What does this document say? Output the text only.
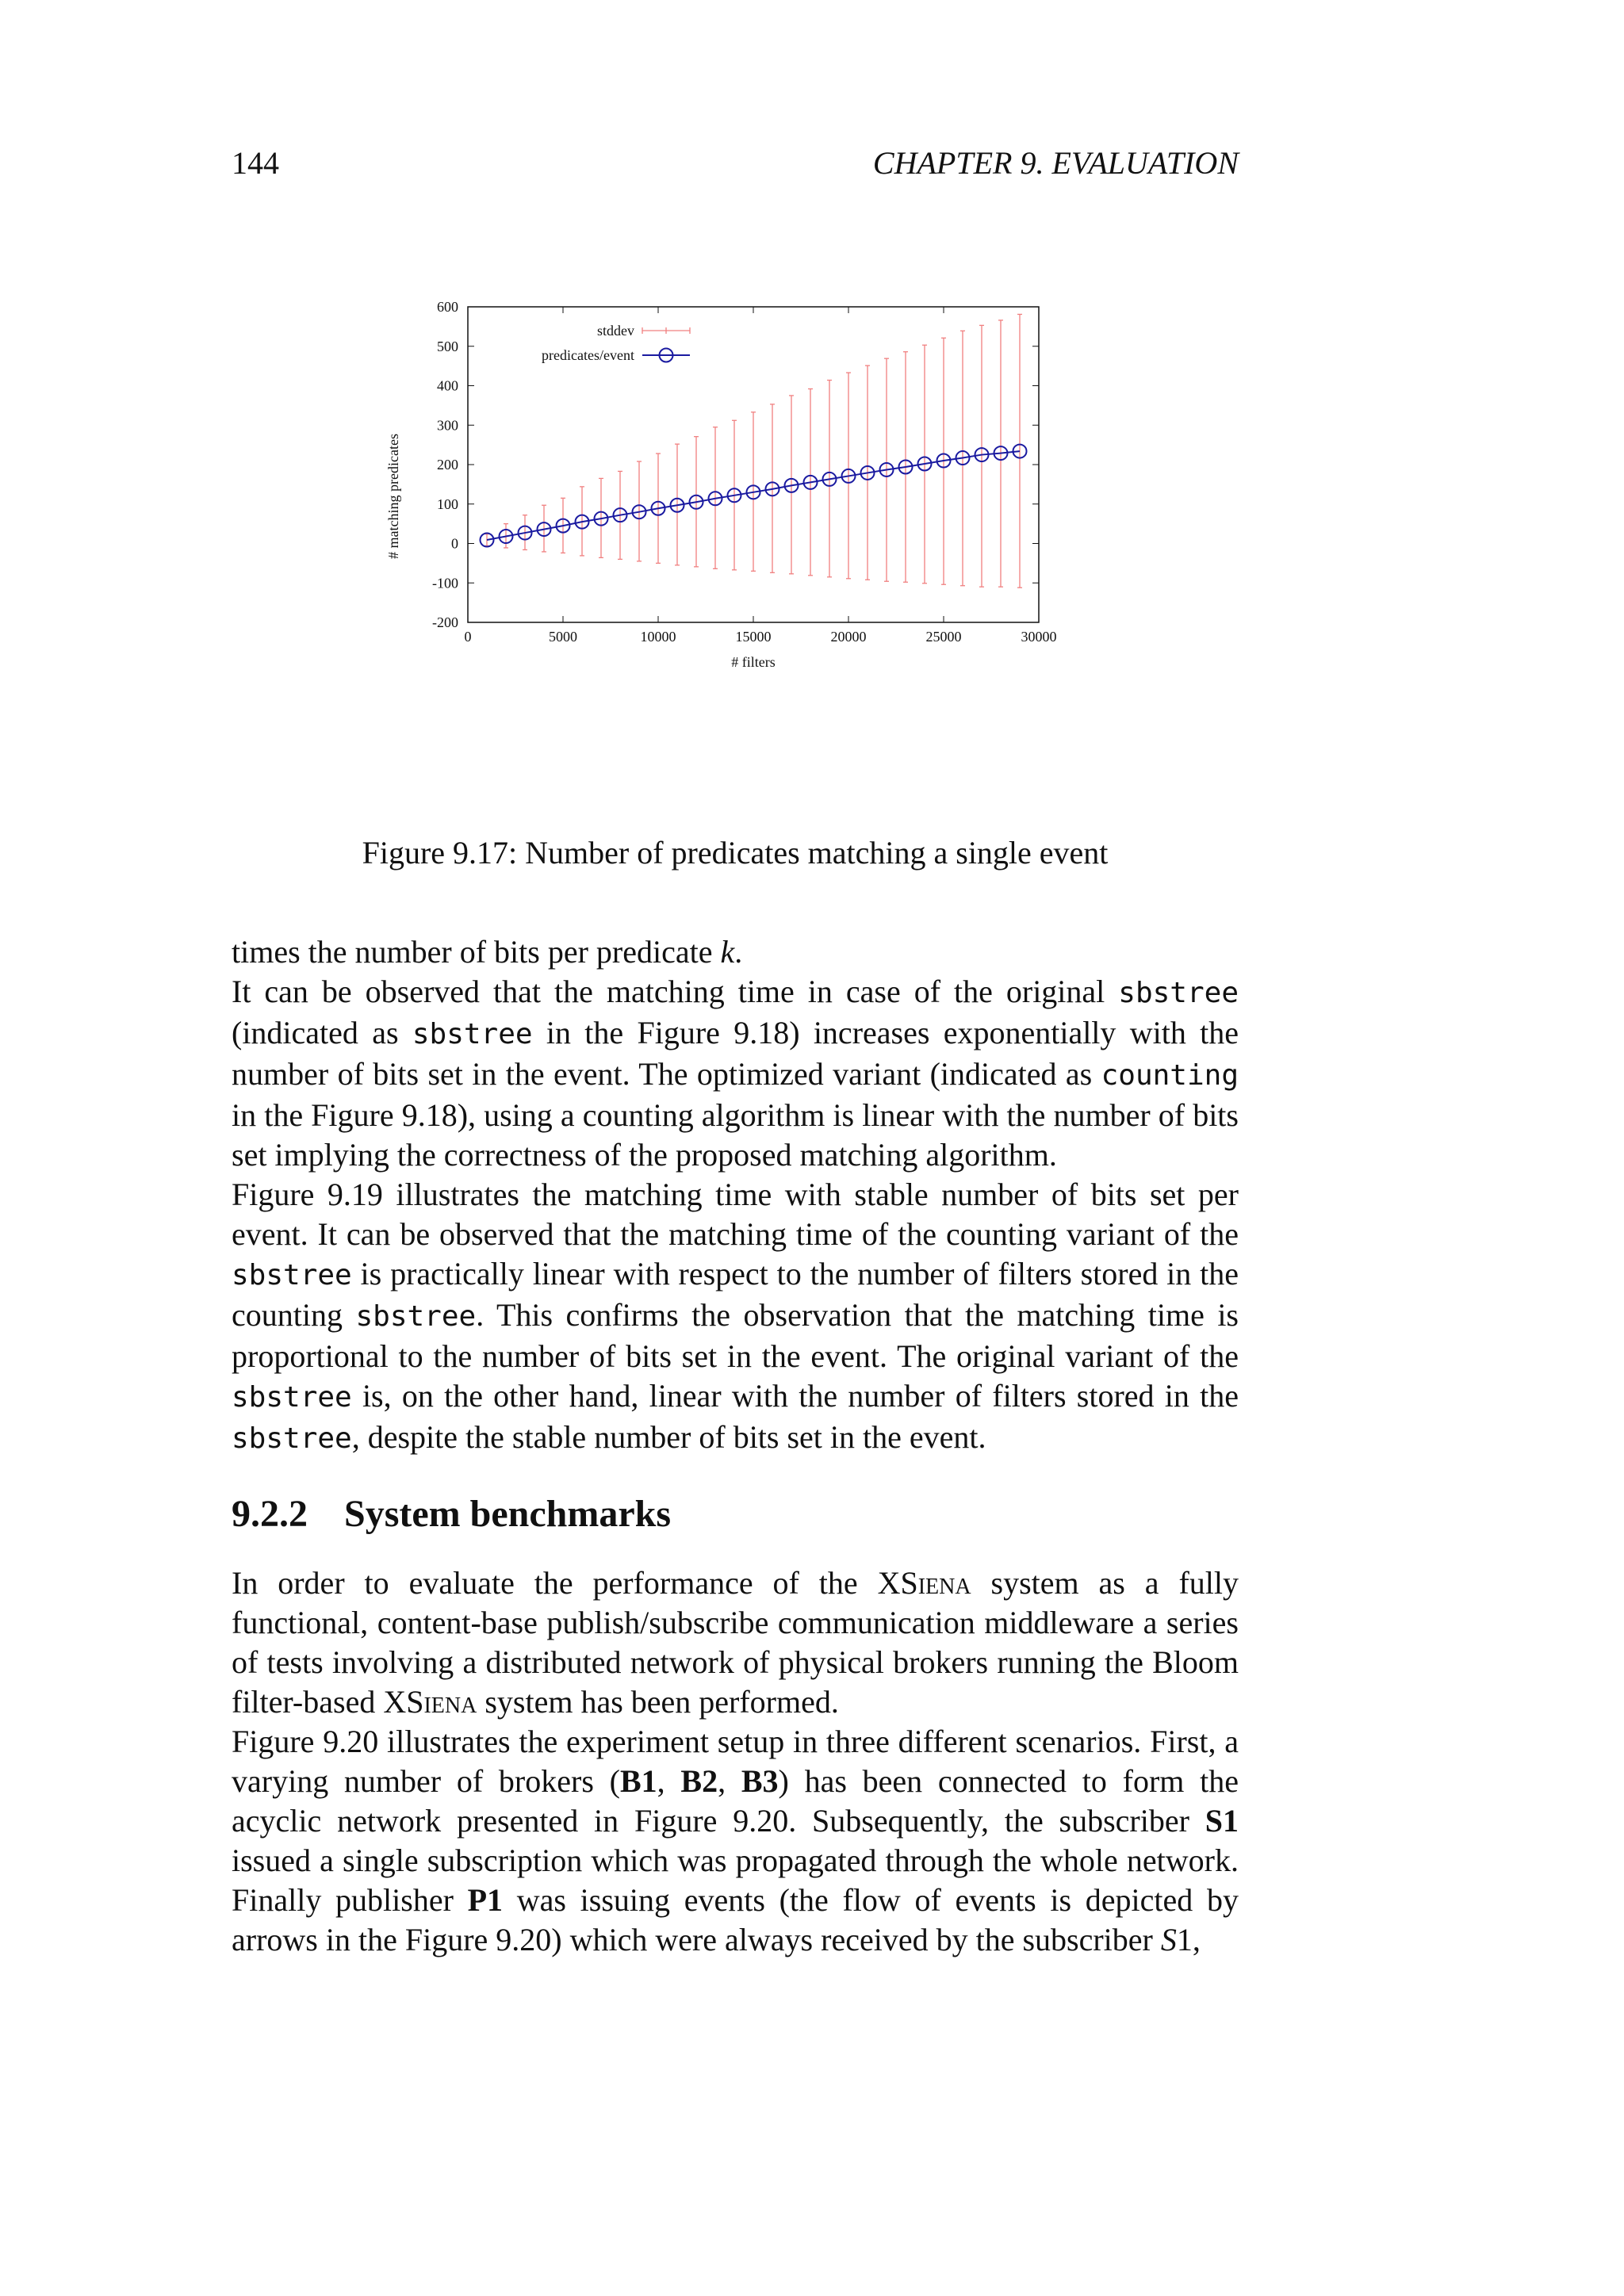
144	CHAPTER 9. EVALUATION
-200
-100
0
100
200
300
400
500
600
0	5000	10000	15000	20000	25000	30000
# filters
# matching predicates
stddev
predicates/event
Figure 9.17: Number of predicates matching a single event

times the number of bits per predicate k.

It can be observed that the matching time in case of the original sbstree (indicated as sbstree in the Figure 9.18) increases exponentially with the number of bits set in the event. The optimized variant (indicated as counting in the Figure 9.18), using a counting algorithm is linear with the number of bits set implying the correctness of the proposed matching algorithm.

Figure 9.19 illustrates the matching time with stable number of bits set per event. It can be observed that the matching time of the counting variant of the sbstree is practically linear with respect to the number of filters stored in the counting sbstree. This confirms the observation that the matching time is proportional to the number of bits set in the event. The original variant of the sbstree is, on the other hand, linear with the number of filters stored in the sbstree, despite the stable number of bits set in the event.

9.2.2 System benchmarks

In order to evaluate the performance of the XSiena system as a fully functional, content-base publish/subscribe communication middleware a series of tests involving a distributed network of physical brokers running the Bloom filter-based XSiena system has been performed.

Figure 9.20 illustrates the experiment setup in three different scenarios. First, a varying number of brokers (B1, B2, B3) has been connected to form the acyclic network presented in Figure 9.20. Subsequently, the subscriber S1 issued a single subscription which was propagated through the whole network. Finally publisher P1 was issuing events (the flow of events is depicted by arrows in the Figure 9.20) which were always received by the subscriber S1,
